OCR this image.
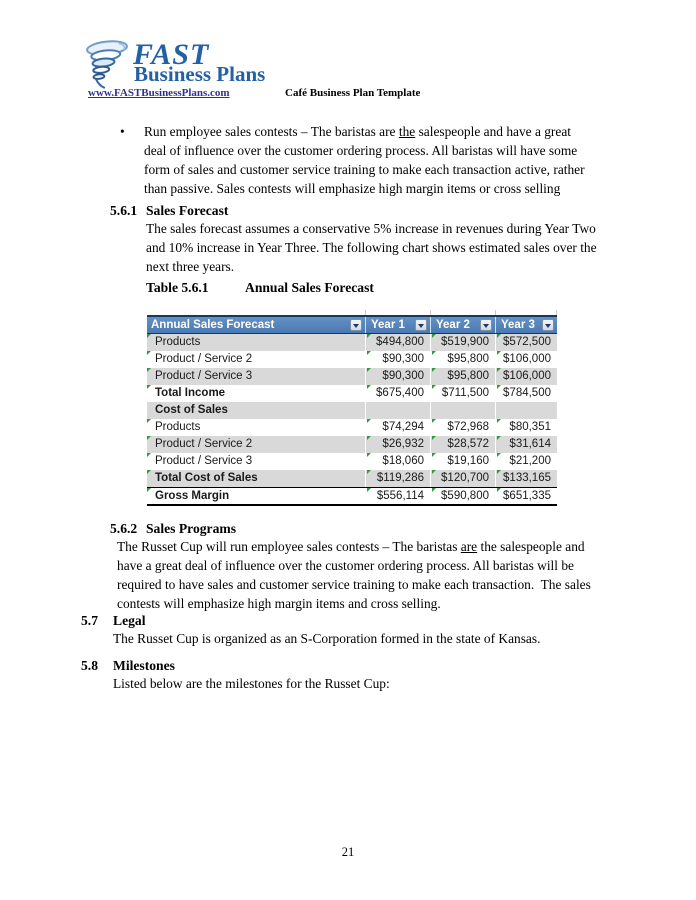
FAST
Business Plans
www.FASTBusinessPlans.com	Café Business Plan Template
•	Run employee sales contests – The baristas are the salespeople and have a great deal of influence over the customer ordering process. All baristas will have some form of sales and customer service training to make each transaction active, rather than passive. Sales contests will emphasize high margin items or cross selling
5.6.1 Sales Forecast
The sales forecast assumes a conservative 5% increase in revenues during Year Two and 10% increase in Year Three. The following chart shows estimated sales over the next three years.
Table 5.6.1	Annual Sales Forecast
Annual Sales Forecast	Year 1	Year 2	Year 3
Products	$494,800	$519,900	$572,500
Product / Service 2	$90,300	$95,800	$106,000
Product / Service 3	$90,300	$95,800	$106,000
Total Income	$675,400	$711,500	$784,500
Cost of Sales
Products	$74,294	$72,968	$80,351
Product / Service 2	$26,932	$28,572	$31,614
Product / Service 3	$18,060	$19,160	$21,200
Total Cost of Sales	$119,286	$120,700	$133,165
Gross Margin	$556,114	$590,800	$651,335
5.6.2 Sales Programs
The Russet Cup will run employee sales contests – The baristas are the salespeople and have a great deal of influence over the customer ordering process. All baristas will be required to have sales and customer service training to make each transaction.  The sales contests will emphasize high margin items and cross selling.
5.7	Legal
The Russet Cup is organized as an S-Corporation formed in the state of Kansas.
5.8	Milestones
Listed below are the milestones for the Russet Cup:
21
